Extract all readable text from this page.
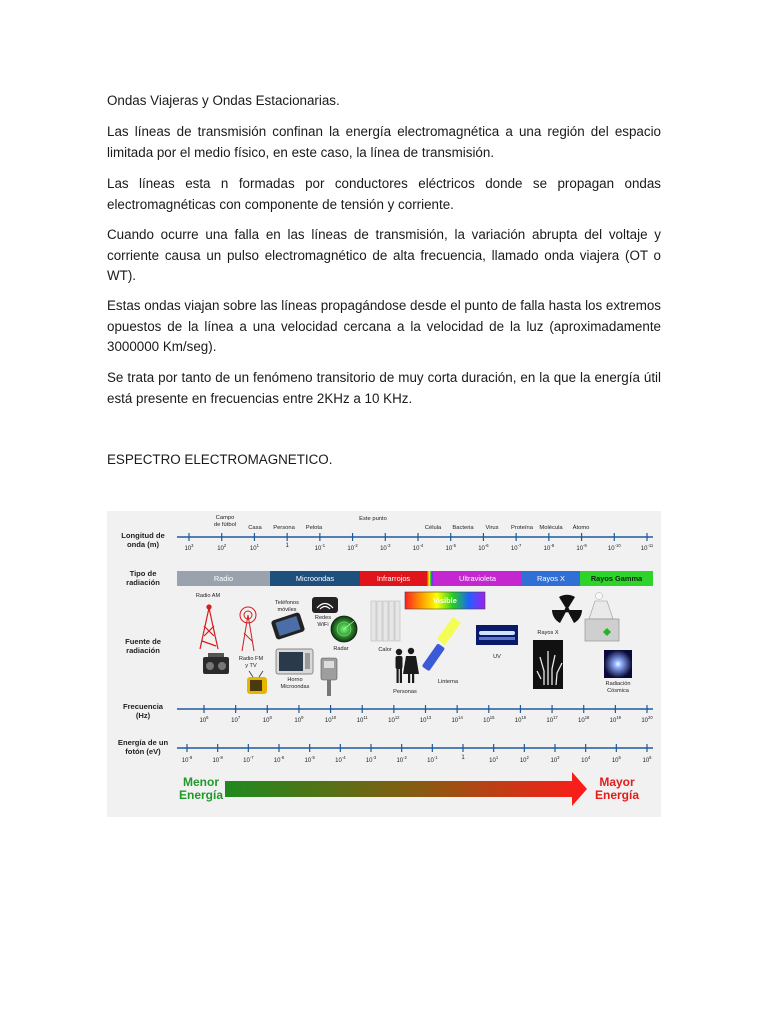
Ondas Viajeras y Ondas Estacionarias.

Las líneas de transmisión confinan la energía electromagnética a una región del espacio limitada por el medio físico, en este caso, la línea de transmisión.

Las líneas esta n formadas por conductores eléctricos donde se propagan ondas electromagnéticas con componente de tensión y corriente.

Cuando ocurre una falla en las líneas de transmisión, la variación abrupta del voltaje y corriente causa un pulso electromagnético de alta frecuencia, llamado onda viajera (OT o WT).

Estas ondas viajan sobre las líneas propagándose desde el punto de falla hasta los extremos opuestos de la línea a una velocidad cercana a la velocidad de la luz (aproximadamente 3000000 Km/seg).

Se trata por tanto de un fenómeno transitorio de muy corta duración, en la que la energía útil está presente en frecuencias entre 2KHz a 10 KHz.

ESPECTRO ELECTROMAGNETICO.

Longitud de onda (m)
Tipo de radiación
Fuente de radiación
Frecuencia (Hz)
Energía de un fotón (eV)
Campo de fútbol
Casa Persona Pelota
Este punto
Célula Bacteria Virus Proteína Molécula Átomo
Radio	Microondas	Infrarrojos	Ultravioleta	Rayos X	Rayos Gamma
Visible
Radio AM
Radio FM y TV
Teléfonos móviles
Redes WiFi
Horno Microondas
Radar	Calor
Personas
Linterna
UV
Rayos X
Radiación Cósmica
Menor
Energía
Mayor
Energía
$10^3$
$10^2$
$10^1$	1	$10^{-1}$
$10^{-2}$
$10^{-3}$
$10^{-4}$
$10^{-5}$
$10^{-6}$
$10^{-7}$
$10^{-8}$
$10^{-9}$
$10^{-10}$
$10^{-11}$
$10^6$
$10^7$
$10^8$
$10^9$
$10^{10}$
$10^{11}$
$10^{12}$
$10^{13}$
$10^{14}$
$10^{15}$
$10^{16}$
$10^{17}$
$10^{18}$
$10^{19}$
$10^{20}$
$10^{-9}$
$10^{-8}$
$10^{-7}$
$10^{-6}$
$10^{-5}$
$10^{-4}$
$10^{-3}$
$10^{-2}$
$10^{-1}$	1	$10^1$
$10^2$
$10^3$
$10^4$
$10^5$
$10^6$
